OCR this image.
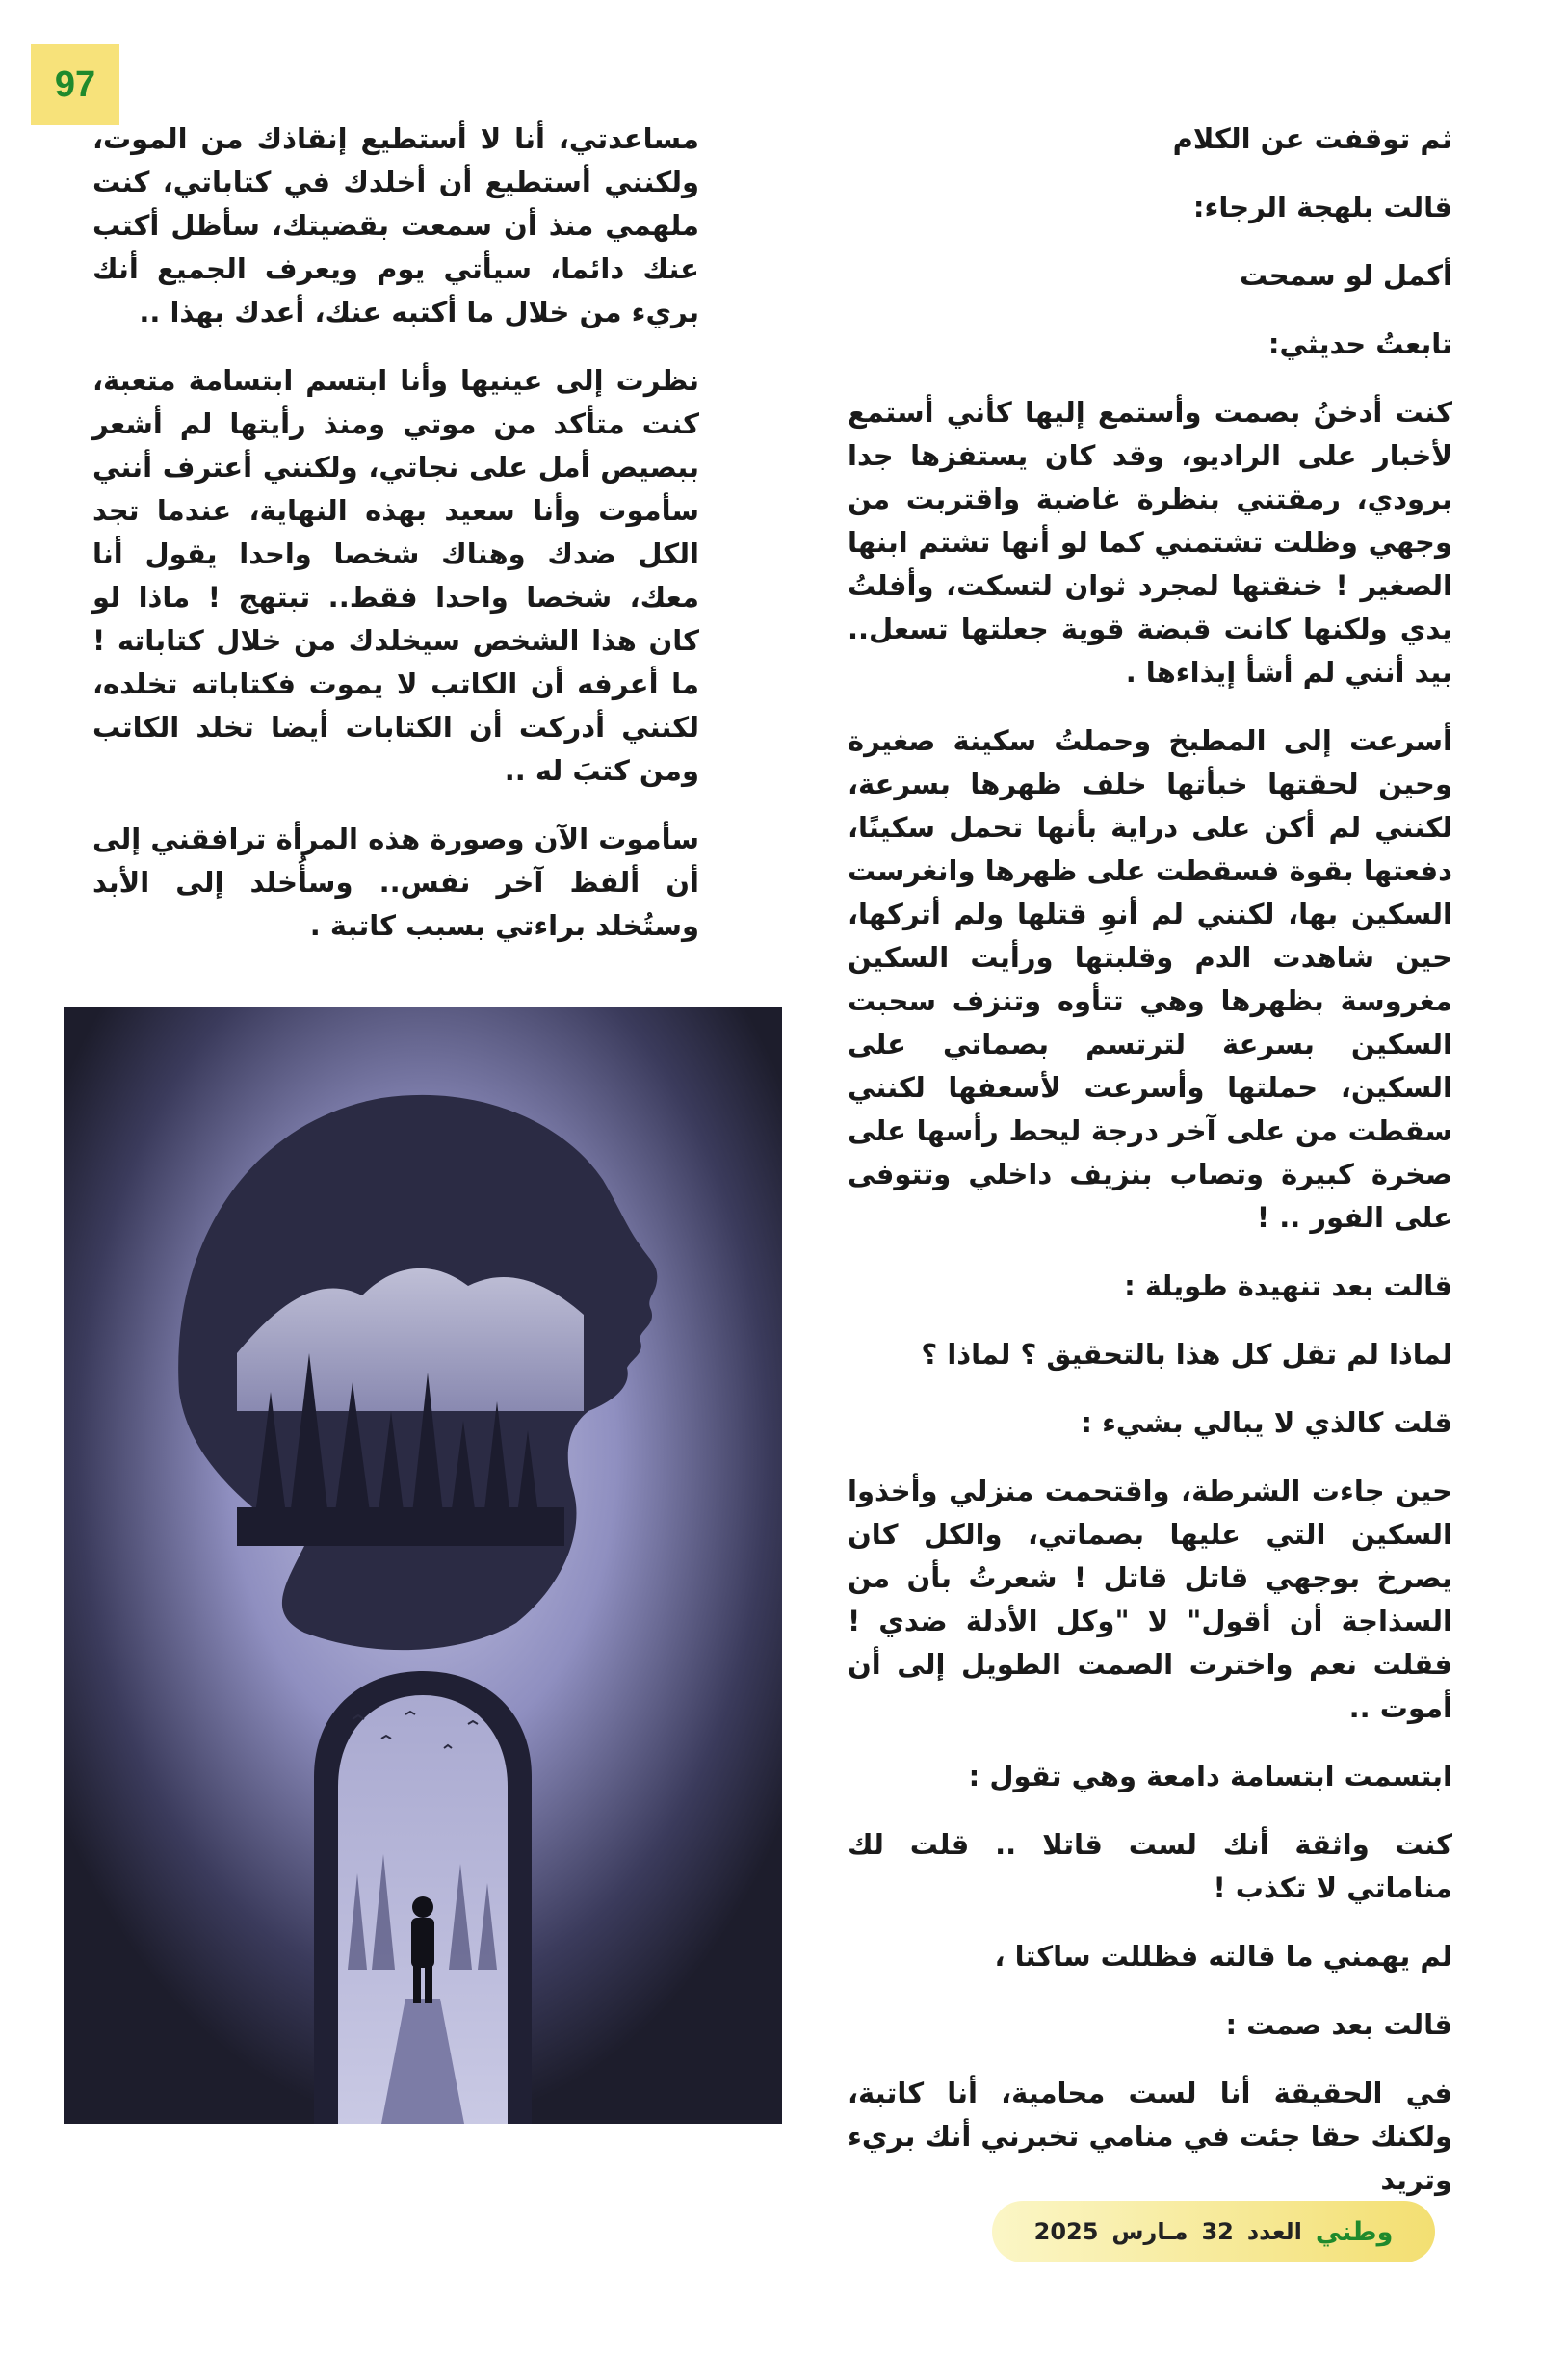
97

ثم توقفت عن الكلام

قالت بلهجة الرجاء:

أكمل لو سمحت

تابعتُ حديثي:

كنت أدخنُ بصمت وأستمع إليها كأني أستمع لأخبار على الراديو، وقد كان يستفزها جدا برودي، رمقتني بنظرة غاضبة واقتربت من وجهي وظلت تشتمني كما لو أنها تشتم ابنها الصغير ! خنقتها لمجرد ثوان لتسكت، وأفلتُ يدي ولكنها كانت قبضة قوية جعلتها تسعل.. بيد أنني لم أشأ إيذاءها .

أسرعت إلى المطبخ وحملتُ سكينة صغيرة وحين لحقتها خبأتها خلف ظهرها بسرعة، لكنني لم أكن على دراية بأنها تحمل سكينًا، دفعتها بقوة فسقطت على ظهرها وانغرست السكين بها، لكنني لم أنوِ قتلها ولم أتركها، حين شاهدت الدم وقلبتها ورأيت السكين مغروسة بظهرها وهي تتأوه وتنزف سحبت السكين بسرعة لترتسم بصماتي على السكين، حملتها وأسرعت لأسعفها لكنني سقطت من على آخر درجة ليحط رأسها على صخرة كبيرة وتصاب بنزيف داخلي وتتوفى على الفور .. !

قالت بعد تنهيدة طويلة :

لماذا لم تقل كل هذا بالتحقيق ؟ لماذا ؟

قلت كالذي لا يبالي بشيء :

حين جاءت الشرطة، واقتحمت منزلي وأخذوا السكين التي عليها بصماتي، والكل كان يصرخ بوجهي قاتل قاتل ! شعرتُ بأن من السذاجة أن أقول" لا "وكل الأدلة ضدي ! فقلت نعم واخترت الصمت الطويل إلى أن أموت ..

ابتسمت ابتسامة دامعة وهي تقول :

كنت واثقة أنك لست قاتلا .. قلت لك مناماتي لا تكذب !

لم يهمني ما قالته فظللت ساكتا ،

قالت بعد صمت :

في الحقيقة أنا لست محامية، أنا كاتبة، ولكنك حقا جئت في منامي تخبرني أنك بريء وتريد

مساعدتي، أنا لا أستطيع إنقاذك من الموت، ولكنني أستطيع أن أخلدك في كتاباتي، كنت ملهمي منذ أن سمعت بقضيتك، سأظل أكتب عنك دائما، سيأتي يوم ويعرف الجميع أنك بريء من خلال ما أكتبه عنك، أعدك بهذا ..

نظرت إلى عينيها وأنا ابتسم ابتسامة متعبة، كنت متأكد من موتي ومنذ رأيتها لم أشعر ببصيص أمل على نجاتي، ولكنني أعترف أنني سأموت وأنا سعيد بهذه النهاية، عندما تجد الكل ضدك وهناك شخصا واحدا يقول أنا معك، شخصا واحدا فقط.. تبتهج ! ماذا لو كان هذا الشخص سيخلدك من خلال كتاباته ! ما أعرفه أن الكاتب لا يموت فكتاباته تخلده، لكنني أدركت أن الكتابات أيضا تخلد الكاتب ومن كتبَ له ..

سأموت الآن وصورة هذه المرأة ترافقني إلى أن ألفظ آخر نفس.. وسأُخلد إلى الأبد وستُخلد براءتي بسبب كاتبة .

وطني
العدد
32
مـارس
2025
